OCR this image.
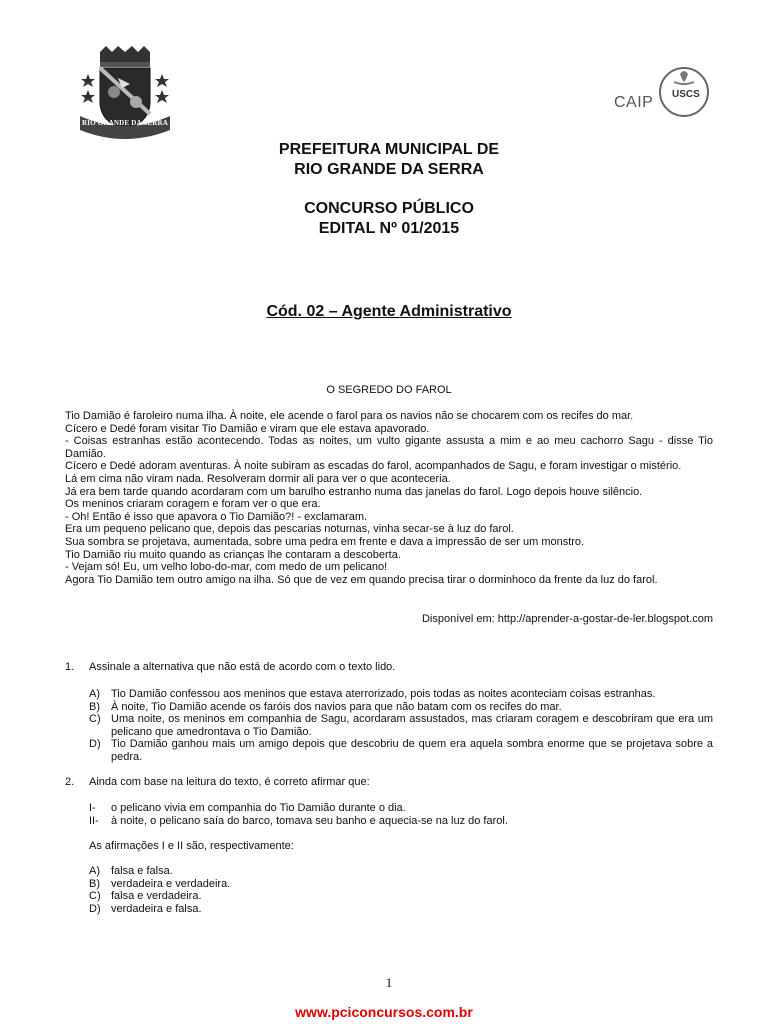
RIO GRANDE DA SERRA
CAIP USCS

PREFEITURA MUNICIPAL DE

RIO GRANDE DA SERRA

CONCURSO PÚBLICO

EDITAL Nº 01/2015

Cód. 02 – Agente Administrativo
O SEGREDO DO FAROL

Tio Damião é faroleiro numa ilha. À noite, ele acende o farol para os navios não se chocarem com os recifes do mar.

Cícero e Dedé foram visitar Tio Damião e viram que ele estava apavorado.

- Coisas estranhas estão acontecendo. Todas as noites, um vulto gigante assusta a mim e ao meu cachorro Sagu - disse Tio Damião.

Cícero e Dedé adoram aventuras. À noite subiram as escadas do farol, acompanhados de Sagu, e foram investigar o mistério.

Lá em cima não viram nada. Resolveram dormir ali para ver o que aconteceria.

Já era bem tarde quando acordaram com um barulho estranho numa das janelas do farol. Logo depois houve silêncio.

Os meninos criaram coragem e foram ver o que era.

- Oh! Então é isso que apavora o Tio Damião?! - exclamaram.

Era um pequeno pelicano que, depois das pescarias noturnas, vinha secar-se à luz do farol.

Sua sombra se projetava, aumentada, sobre uma pedra em frente e dava a impressão de ser um monstro.

Tio Damião riu muito quando as crianças lhe contaram a descoberta.

- Vejam só! Eu, um velho lobo-do-mar, com medo de um pelicano!

Agora Tio Damião tem outro amigo na ilha. Só que de vez em quando precisa tirar o dorminhoco da frente da luz do farol.

Disponível em: http://aprender-a-gostar-de-ler.blogspot.com
1. Assinale a alternativa que não está de acordo com o texto lido.
A) Tio Damião confessou aos meninos que estava aterrorizado, pois todas as noites aconteciam coisas estranhas.
B) À noite, Tio Damião acende os faróis dos navios para que não batam com os recifes do mar.
C) Uma noite, os meninos em companhia de Sagu, acordaram assustados, mas criaram coragem e descobriram que era um pelicano que amedrontava o Tio Damião.
D) Tio Damião ganhou mais um amigo depois que descobriu de quem era aquela sombra enorme que se projetava sobre a pedra.
2. Ainda com base na leitura do texto, é correto afirmar que:
I- o pelicano vivia em companhia do Tio Damião durante o dia.
II- à noite, o pelicano saía do barco, tomava seu banho e aquecia-se na luz do farol.
As afirmações I e II são, respectivamente:
A) falsa e falsa.
B) verdadeira e verdadeira.
C) falsa e verdadeira.
D) verdadeira e falsa.
1
www.pciconcursos.com.br
